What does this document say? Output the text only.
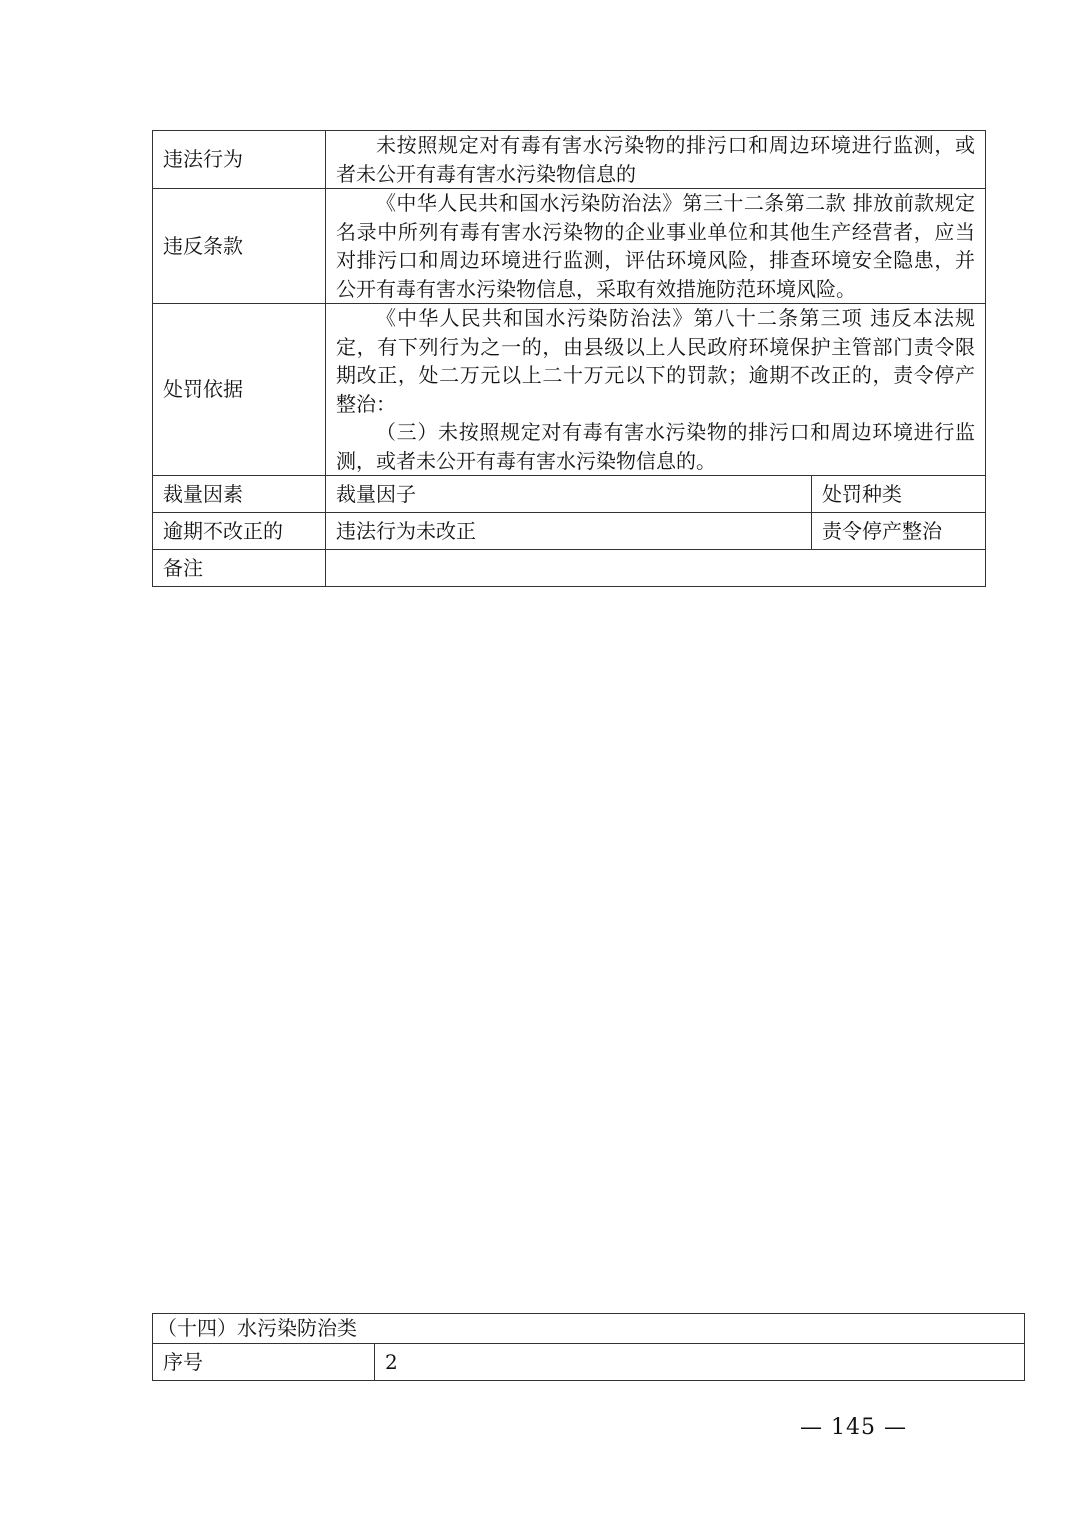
违法行为	未按照规定对有毒有害水污染物的排污口和周边环境进行监测，或者未公开有毒有害水污染物信息的	

违反条款	《中华人民共和国水污染防治法》第三十二条第二款 排放前款规定名录中所列有毒有害水污染物的企业事业单位和其他生产经营者，应当对排污口和周边环境进行监测，评估环境风险，排查环境安全隐患，并公开有毒有害水污染物信息，采取有效措施防范环境风险。	

处罚依据	《中华人民共和国水污染防治法》第八十二条第三项 违反本法规定，有下列行为之一的，由县级以上人民政府环境保护主管部门责令限期改正，处二万元以上二十万元以下的罚款；逾期不改正的，责令停产整治：

（三）未按照规定对有毒有害水污染物的排污口和周边环境进行监测，或者未公开有毒有害水污染物信息的。	

裁量因素	裁量因子	处罚种类
逾期不改正的	违法行为未改正	责令停产整治
备注		
（十四）水污染防治类
序号	2
— 145 —
